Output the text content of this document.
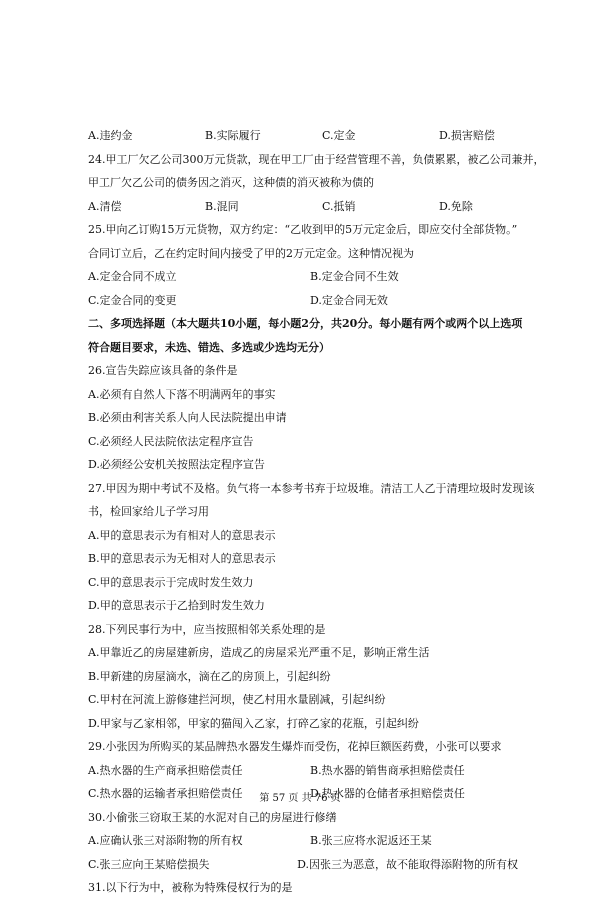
A.违约金	B.实际履行	C.定金	D.损害赔偿
24.甲工厂欠乙公司300万元货款，现在甲工厂由于经营管理不善，负债累累，被乙公司兼并，
甲工厂欠乙公司的债务因之消灭，这种债的消灭被称为债的
A.清偿	B.混同	C.抵销	D.免除
25.甲向乙订购15万元货物，双方约定：“乙收到甲的5万元定金后，即应交付全部货物。”
合同订立后，乙在约定时间内接受了甲的2万元定金。这种情况视为
A.定金合同不成立	B.定金合同不生效
C.定金合同的变更	D.定金合同无效
二、多项选择题（本大题共10小题，每小题2分，共20分。每小题有两个或两个以上选项
符合题目要求，未选、错选、多选或少选均无分）
26.宣告失踪应该具备的条件是
A.必须有自然人下落不明满两年的事实
B.必须由利害关系人向人民法院提出申请
C.必须经人民法院依法定程序宣告
D.必须经公安机关按照法定程序宣告
27.甲因为期中考试不及格。负气将一本参考书弃于垃圾堆。清洁工人乙于清理垃圾时发现该
书，检回家给儿子学习用
A.甲的意思表示为有相对人的意思表示
B.甲的意思表示为无相对人的意思表示
C.甲的意思表示于完成时发生效力
D.甲的意思表示于乙拾到时发生效力
28.下列民事行为中，应当按照相邻关系处理的是
A.甲靠近乙的房屋建新房，造成乙的房屋采光严重不足，影响正常生活
B.甲新建的房屋滴水，滴在乙的房顶上，引起纠纷
C.甲村在河流上游修建拦河坝，使乙村用水量剧减，引起纠纷
D.甲家与乙家相邻，甲家的猫闯入乙家，打碎乙家的花瓶，引起纠纷
29.小张因为所购买的某品牌热水器发生爆炸而受伤，花掉巨额医药费，小张可以要求
A.热水器的生产商承担赔偿责任	B.热水器的销售商承担赔偿责任
C.热水器的运输者承担赔偿责任	D.热水器的仓储者承担赔偿责任
30.小偷张三窃取王某的水泥对自己的房屋进行修缮
A.应确认张三对添附物的所有权	B.张三应将水泥返还王某
C.张三应向王某赔偿损失	D.因张三为恶意，故不能取得添附物的所有权
31.以下行为中，被称为特殊侵权行为的是
第 57 页 共 76 页
